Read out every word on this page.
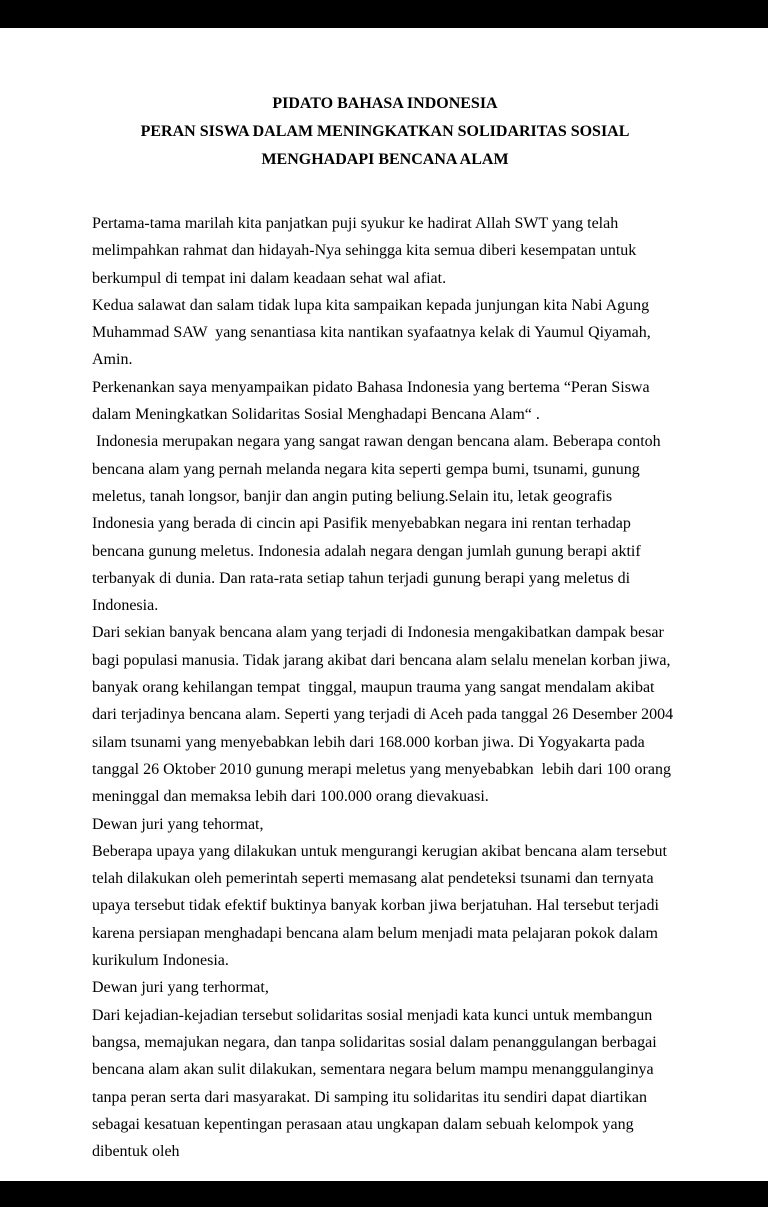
PIDATO BAHASA INDONESIA
PERAN SISWA DALAM MENINGKATKAN SOLIDARITAS SOSIAL
MENGHADAPI BENCANA ALAM

Pertama-tama marilah kita panjatkan puji syukur ke hadirat Allah SWT yang telah melimpahkan rahmat dan hidayah-Nya sehingga kita semua diberi kesempatan untuk berkumpul di tempat ini dalam keadaan sehat wal afiat.

Kedua salawat dan salam tidak lupa kita sampaikan kepada junjungan kita Nabi Agung Muhammad SAW  yang senantiasa kita nantikan syafaatnya kelak di Yaumul Qiyamah, Amin.

Perkenankan saya menyampaikan pidato Bahasa Indonesia yang bertema “Peran Siswa dalam Meningkatkan Solidaritas Sosial Menghadapi Bencana Alam“ .

Indonesia merupakan negara yang sangat rawan dengan bencana alam. Beberapa contoh bencana alam yang pernah melanda negara kita seperti gempa bumi, tsunami, gunung meletus, tanah longsor, banjir dan angin puting beliung.Selain itu, letak geografis Indonesia yang berada di cincin api Pasifik menyebabkan negara ini rentan terhadap bencana gunung meletus. Indonesia adalah negara dengan jumlah gunung berapi aktif terbanyak di dunia. Dan rata-rata setiap tahun terjadi gunung berapi yang meletus di Indonesia.

Dari sekian banyak bencana alam yang terjadi di Indonesia mengakibatkan dampak besar bagi populasi manusia. Tidak jarang akibat dari bencana alam selalu menelan korban jiwa, banyak orang kehilangan tempat  tinggal, maupun trauma yang sangat mendalam akibat dari terjadinya bencana alam. Seperti yang terjadi di Aceh pada tanggal 26 Desember 2004 silam tsunami yang menyebabkan lebih dari 168.000 korban jiwa. Di Yogyakarta pada tanggal 26 Oktober 2010 gunung merapi meletus yang menyebabkan  lebih dari 100 orang meninggal dan memaksa lebih dari 100.000 orang dievakuasi.

Dewan juri yang tehormat,

Beberapa upaya yang dilakukan untuk mengurangi kerugian akibat bencana alam tersebut telah dilakukan oleh pemerintah seperti memasang alat pendeteksi tsunami dan ternyata upaya tersebut tidak efektif buktinya banyak korban jiwa berjatuhan. Hal tersebut terjadi karena persiapan menghadapi bencana alam belum menjadi mata pelajaran pokok dalam kurikulum Indonesia.

Dewan juri yang terhormat,

Dari kejadian-kejadian tersebut solidaritas sosial menjadi kata kunci untuk membangun bangsa, memajukan negara, dan tanpa solidaritas sosial dalam penanggulangan berbagai bencana alam akan sulit dilakukan, sementara negara belum mampu menanggulanginya tanpa peran serta dari masyarakat. Di samping itu solidaritas itu sendiri dapat diartikan sebagai kesatuan kepentingan perasaan atau ungkapan dalam sebuah kelompok yang dibentuk oleh
